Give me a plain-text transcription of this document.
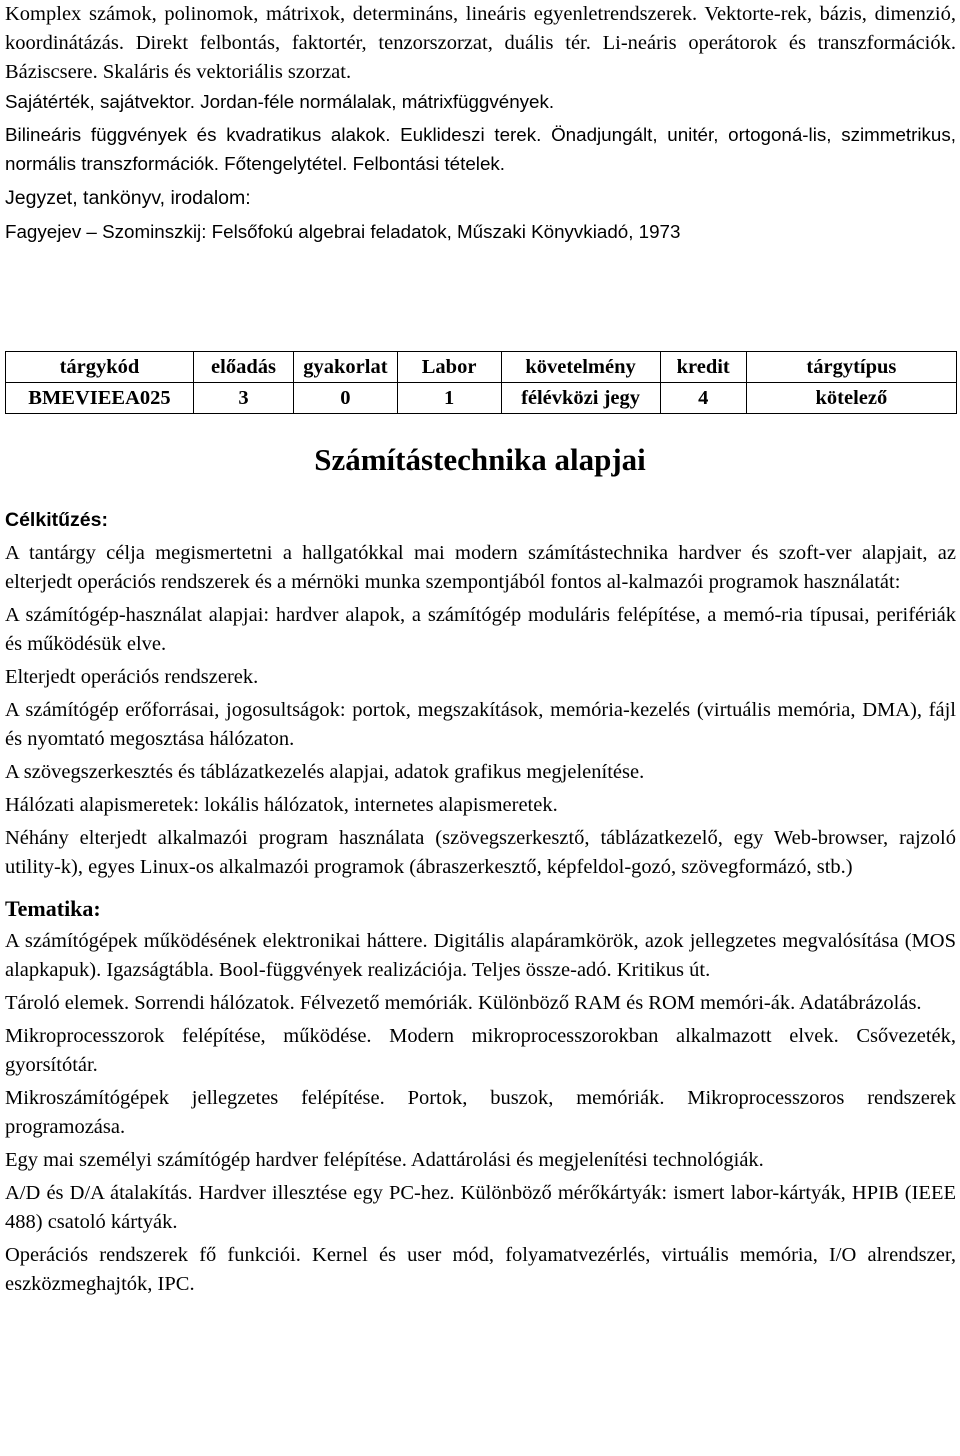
Komplex számok, polinomok, mátrixok, determináns, lineáris egyenletrendszerek. Vektorte-rek, bázis, dimenzió, koordinátázás. Direkt felbontás, faktortér, tenzorszorzat, duális tér. Li-neáris operátorok és transzformációk. Báziscsere. Skaláris és vektoriális szorzat.

Sajátérték, sajátvektor. Jordan-féle normálalak, mátrixfüggvények.

Bilineáris függvények és kvadratikus alakok. Euklideszi terek. Önadjungált, unitér, ortogoná-lis, szimmetrikus, normális transzformációk. Főtengelytétel. Felbontási tételek.

Jegyzet, tankönyv, irodalom:

Fagyejev – Szominszkij: Felsőfokú algebrai feladatok, Műszaki Könyvkiadó, 1973

tárgykód	előadás	gyakorlat	Labor	követelmény	kredit	tárgytípus
BMEVIEEA025	3	0	1	félévközi jegy	4	kötelező
Számítástechnika alapjai

Célkitűzés:

A tantárgy célja megismertetni a hallgatókkal mai modern számítástechnika hardver és szoft-ver alapjait, az elterjedt operációs rendszerek és a mérnöki munka szempontjából fontos al-kalmazói programok használatát:

A számítógép-használat alapjai: hardver alapok, a számítógép moduláris felépítése, a memó-ria típusai, perifériák és működésük elve.

Elterjedt operációs rendszerek.

A számítógép erőforrásai, jogosultságok: portok, megszakítások, memória-kezelés (virtuális memória, DMA), fájl és nyomtató megosztása hálózaton.

A szövegszerkesztés és táblázatkezelés alapjai, adatok grafikus megjelenítése.

Hálózati alapismeretek: lokális hálózatok, internetes alapismeretek.

Néhány elterjedt alkalmazói program használata (szövegszerkesztő, táblázatkezelő, egy Web-browser, rajzoló utility-k), egyes Linux-os alkalmazói programok (ábraszerkesztő, képfeldol-gozó, szövegformázó, stb.)

Tematika:

A számítógépek működésének elektronikai háttere. Digitális alapáramkörök, azok jellegzetes megvalósítása (MOS alapkapuk). Igazságtábla. Bool-függvények realizációja. Teljes össze-adó. Kritikus út.

Tároló elemek. Sorrendi hálózatok. Félvezető memóriák. Különböző RAM és ROM memóri-ák. Adatábrázolás.

Mikroprocesszorok felépítése, működése. Modern mikroprocesszorokban alkalmazott elvek. Csővezeték, gyorsítótár.

Mikroszámítógépek jellegzetes felépítése. Portok, buszok, memóriák. Mikroprocesszoros rendszerek programozása.

Egy mai személyi számítógép hardver felépítése. Adattárolási és megjelenítési technológiák.

A/D és D/A átalakítás. Hardver illesztése egy PC-hez. Különböző mérőkártyák: ismert labor-kártyák, HPIB (IEEE 488) csatoló kártyák.

Operációs rendszerek fő funkciói. Kernel és user mód, folyamatvezérlés, virtuális memória, I/O alrendszer, eszközmeghajtók, IPC.
